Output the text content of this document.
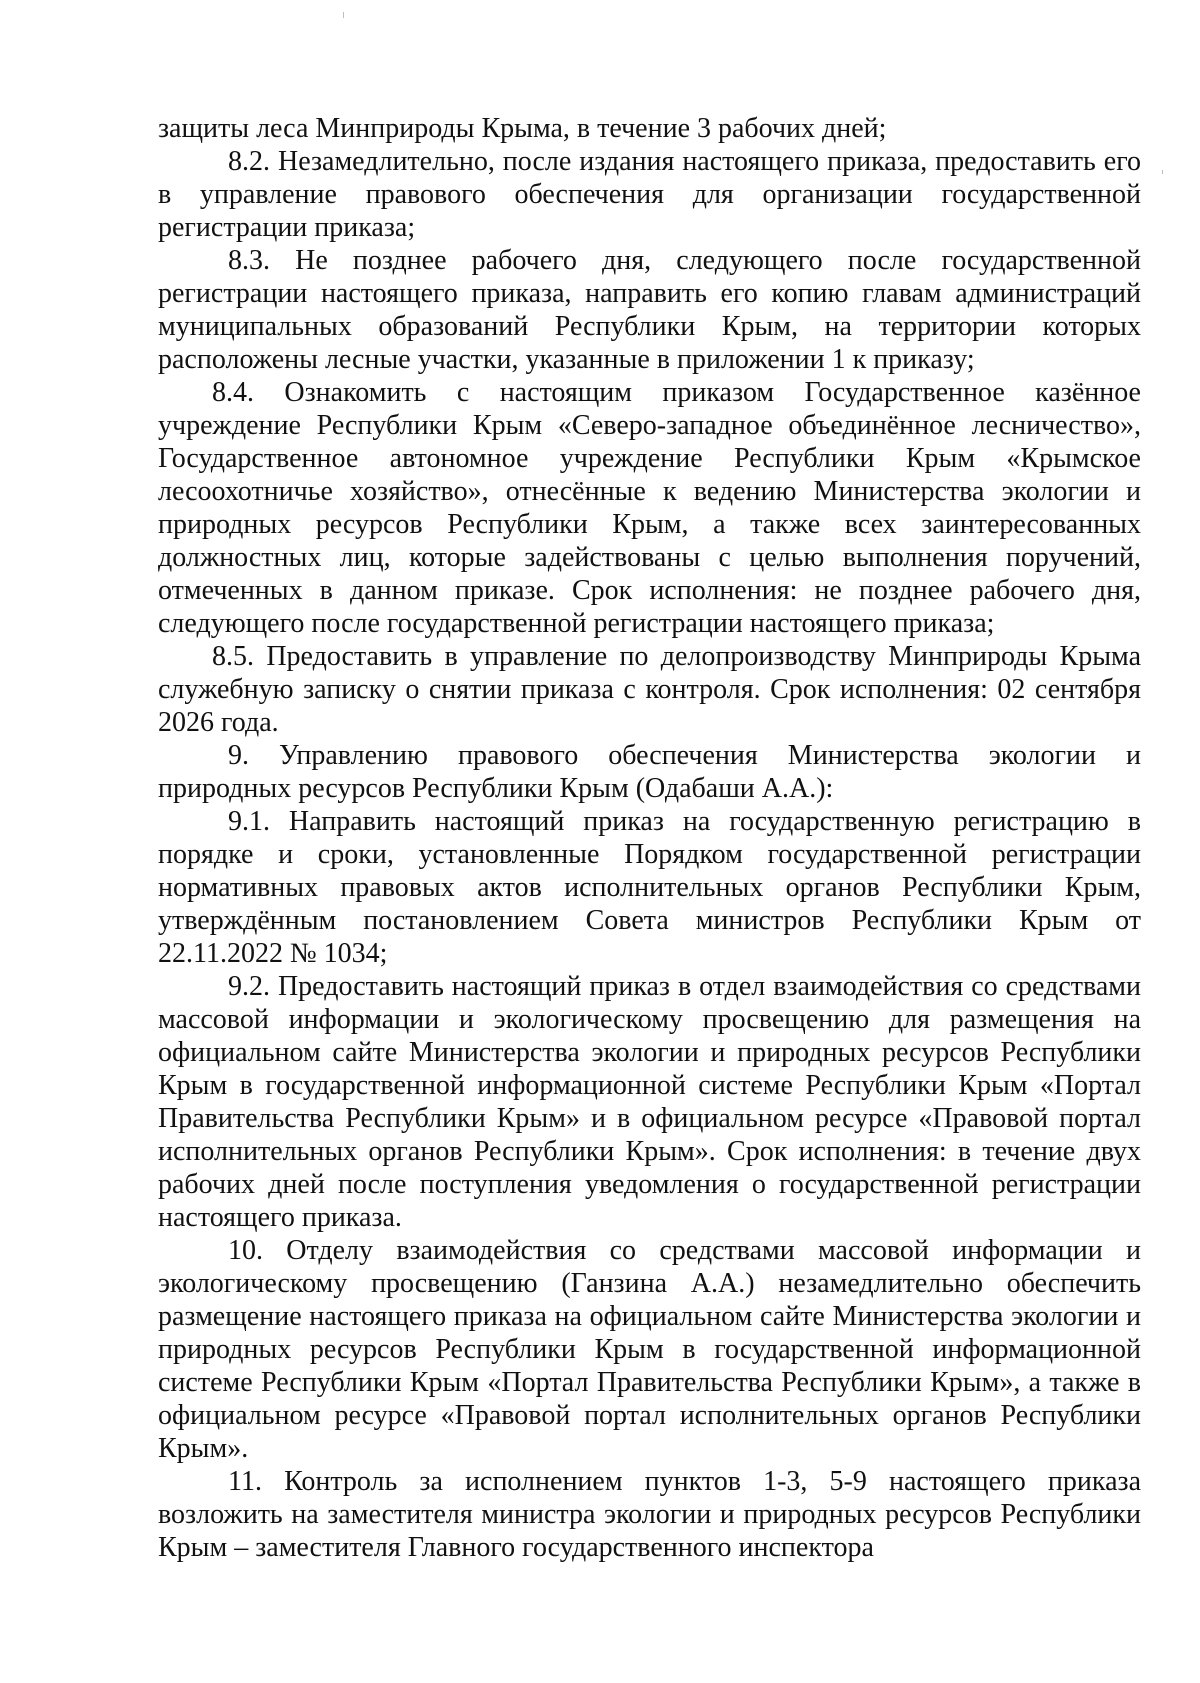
защиты леса Минприроды Крыма, в течение 3 рабочих дней;

8.2. Незамедлительно, после издания настоящего приказа, предоставить его в управление правового обеспечения для организации государственной регистрации приказа;

8.3. Не позднее рабочего дня, следующего после государственной регистрации настоящего приказа, направить его копию главам администраций муниципальных образований Республики Крым, на территории которых расположены лесные участки, указанные в приложении 1 к приказу;

8.4. Ознакомить с настоящим приказом Государственное казённое учреждение Республики Крым «Северо-западное объединённое лесничество», Государственное автономное учреждение Республики Крым «Крымское лесоохотничье хозяйство», отнесённые к ведению Министерства экологии и природных ресурсов Республики Крым, а также всех заинтересованных должностных лиц, которые задействованы с целью выполнения поручений, отмеченных в данном приказе. Срок исполнения: не позднее рабочего дня, следующего после государственной регистрации настоящего приказа;

8.5. Предоставить в управление по делопроизводству Минприроды Крыма служебную записку о снятии приказа с контроля. Срок исполнения: 02 сентября 2026 года.

9. Управлению правового обеспечения Министерства экологии и природных ресурсов Республики Крым (Одабаши А.А.):

9.1. Направить настоящий приказ на государственную регистрацию в порядке и сроки, установленные Порядком государственной регистрации нормативных правовых актов исполнительных органов Республики Крым, утверждённым постановлением Совета министров Республики Крым от 22.11.2022 № 1034;

9.2. Предоставить настоящий приказ в отдел взаимодействия со средствами массовой информации и экологическому просвещению для размещения на официальном сайте Министерства экологии и природных ресурсов Республики Крым в государственной информационной системе Республики Крым «Портал Правительства Республики Крым» и в официальном ресурсе «Правовой портал исполнительных органов Республики Крым». Срок исполнения: в течение двух рабочих дней после поступления уведомления о государственной регистрации настоящего приказа.

10. Отделу взаимодействия со средствами массовой информации и экологическому просвещению (Ганзина А.А.) незамедлительно обеспечить размещение настоящего приказа на официальном сайте Министерства экологии и природных ресурсов Республики Крым в государственной информационной системе Республики Крым «Портал Правительства Республики Крым», а также в официальном ресурсе «Правовой портал исполнительных органов Республики Крым».

11. Контроль за исполнением пунктов 1-3, 5-9 настоящего приказа возложить на заместителя министра экологии и природных ресурсов Республики Крым – заместителя Главного государственного инспектора
